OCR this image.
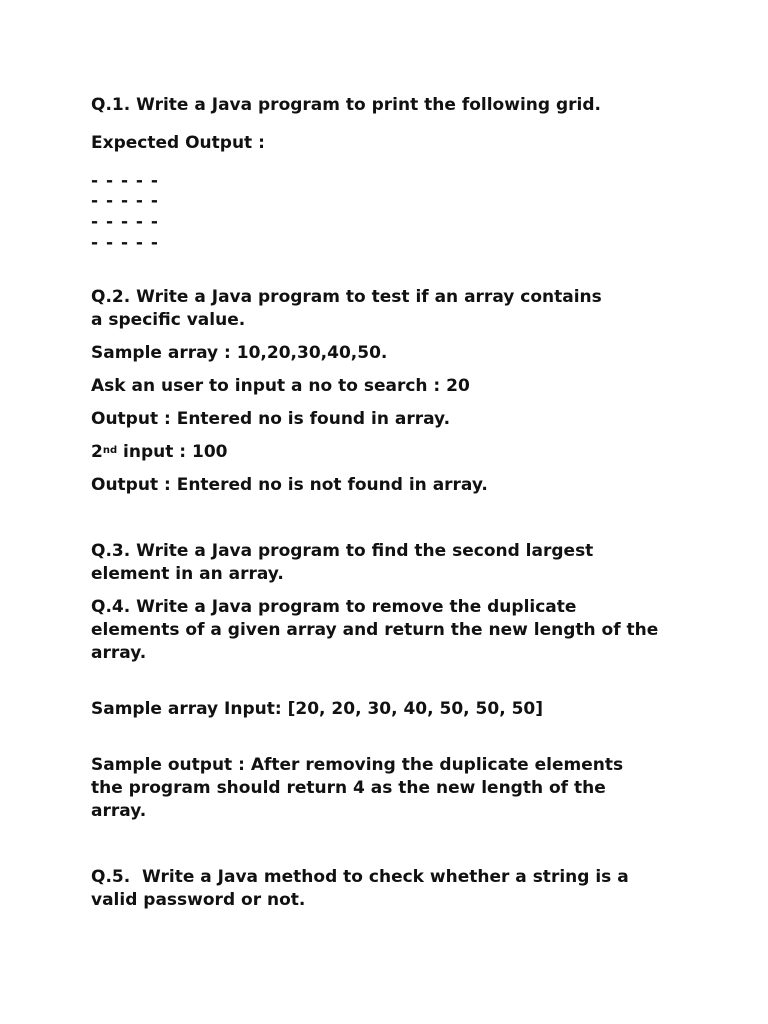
Q.1. Write a Java program to print the following grid.

Expected Output :

- - - - -

- - - - -

- - - - -

- - - - -

Q.2. Write a Java program to test if an array contains

a specific value.

Sample array : 10,20,30,40,50.

Ask an user to input a no to search : 20

Output : Entered no is found in array.

2nd input : 100

Output : Entered no is not found in array.

Q.3. Write a Java program to find the second largest

element in an array.

Q.4. Write a Java program to remove the duplicate

elements of a given array and return the new length of the

array.

Sample array Input: [20, 20, 30, 40, 50, 50, 50]

Sample output : After removing the duplicate elements

the program should return 4 as the new length of the

array.

Q.5.  Write a Java method to check whether a string is a

valid password or not.
